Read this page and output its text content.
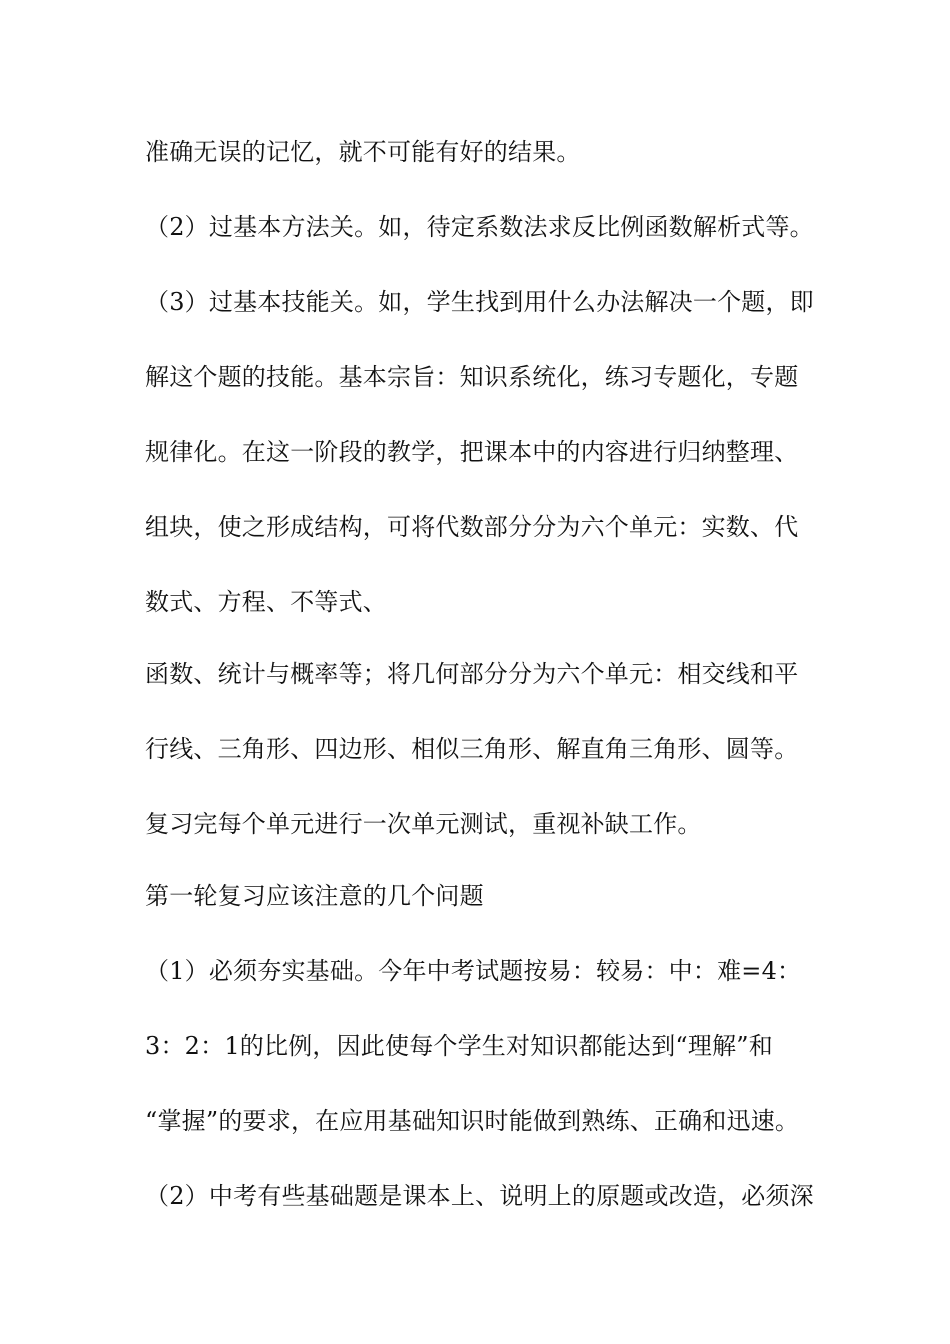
准确无误的记忆，就不可能有好的结果。
（2）过基本方法关。如，待定系数法求反比例函数解析式等。
（3）过基本技能关。如，学生找到用什么办法解决一个题，即
解这个题的技能。基本宗旨：知识系统化，练习专题化，专题
规律化。在这一阶段的教学，把课本中的内容进行归纳整理、
组块，使之形成结构，可将代数部分分为六个单元：实数、代
数式、方程、不等式、
函数、统计与概率等；将几何部分分为六个单元：相交线和平
行线、三角形、四边形、相似三角形、解直角三角形、圆等。
复习完每个单元进行一次单元测试，重视补缺工作。
第一轮复习应该注意的几个问题
（1）必须夯实基础。今年中考试题按易：较易：中：难=4：
3：2：1的比例，因此使每个学生对知识都能达到“理解”和
“掌握”的要求，在应用基础知识时能做到熟练、正确和迅速。
（2）中考有些基础题是课本上、说明上的原题或改造，必须深
